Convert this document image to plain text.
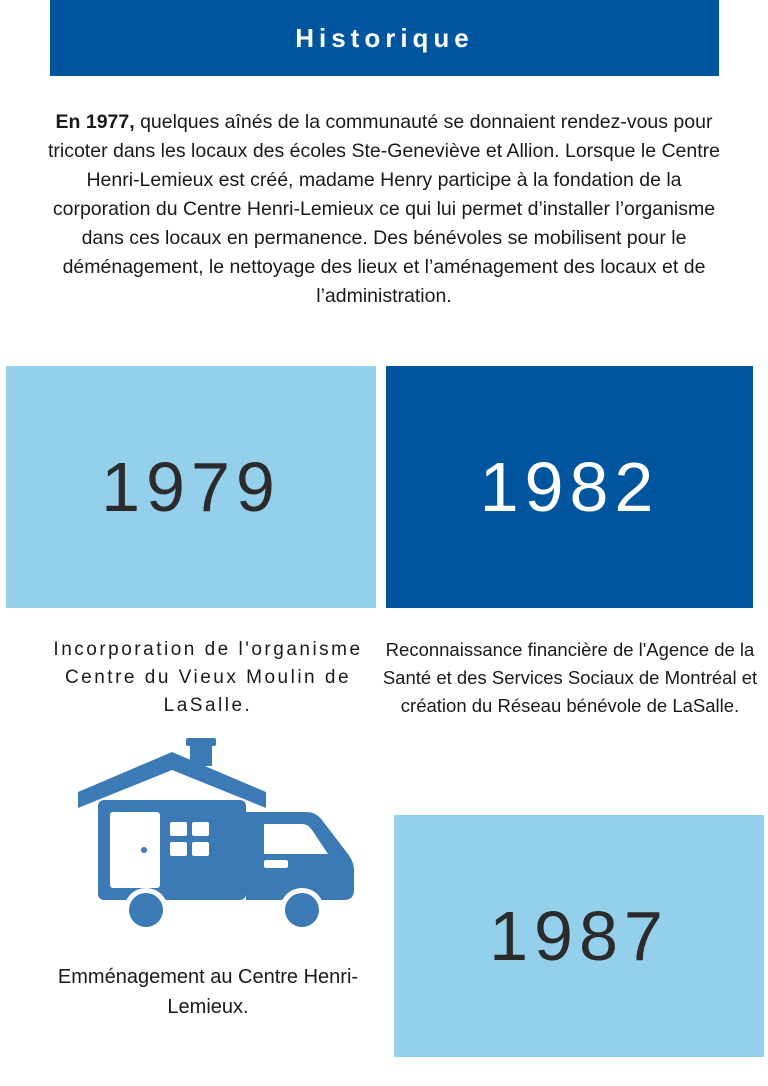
Historique

En 1977, quelques aînés de la communauté se donnaient rendez-vous pour tricoter dans les locaux des écoles Ste-Geneviève et Allion. Lorsque le Centre Henri-Lemieux est créé, madame Henry participe à la fondation de la corporation du Centre Henri-Lemieux ce qui lui permet d’installer l’organisme dans ces locaux en permanence. Des bénévoles se mobilisent pour le déménagement, le nettoyage des lieux et l’aménagement des locaux et de l’administration.

1979	1982
Incorporation de l'organisme Centre du Vieux Moulin de LaSalle.
Reconnaissance financière de l'Agence de la Santé et des Services Sociaux de Montréal et création du Réseau bénévole de LaSalle.
1987
Emménagement au Centre Henri-Lemieux.
